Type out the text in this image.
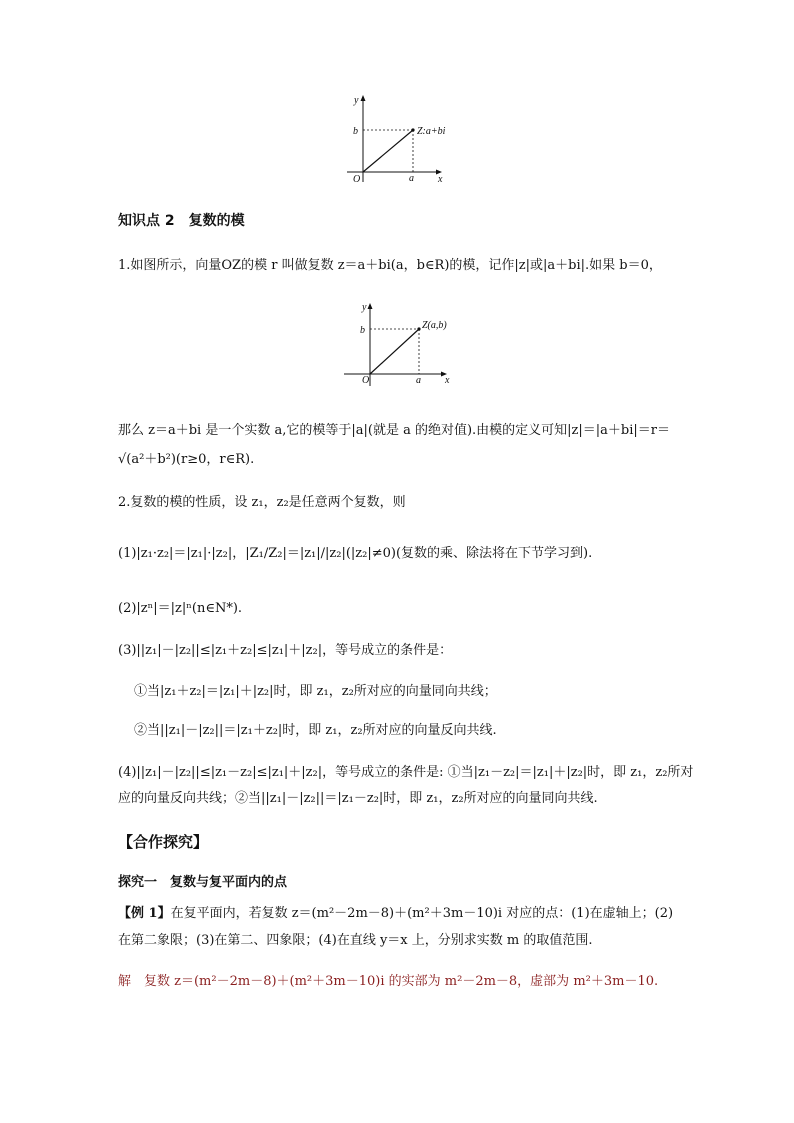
y
x
O	a
b	Z:a+bi
知识点 2　复数的模
1.如图所示，向量OZ的模 r 叫做复数 z＝a＋bi(a，b∈R)的模，记作|z|或|a＋bi|.如果 b＝0，
y
x
O	a
b	Z(a,b)
那么 z＝a＋bi 是一个实数 a,它的模等于|a|(就是 a 的绝对值).由模的定义可知|z|＝|a＋bi|＝r＝
√(a²＋b²)(r≥0，r∈R).
2.复数的模的性质，设 z₁，z₂是任意两个复数，则
(1)|z₁·z₂|＝|z₁|·|z₂|，|Z₁/Z₂|＝|z₁|/|z₂|(|z₂|≠0)(复数的乘、除法将在下节学习到).
(2)|zⁿ|＝|z|ⁿ(n∈N*).
(3)||z₁|－|z₂||≤|z₁＋z₂|≤|z₁|＋|z₂|，等号成立的条件是：
①当|z₁＋z₂|＝|z₁|＋|z₂|时，即 z₁，z₂所对应的向量同向共线；
②当||z₁|－|z₂||＝|z₁＋z₂|时，即 z₁，z₂所对应的向量反向共线.
(4)||z₁|－|z₂||≤|z₁－z₂|≤|z₁|＋|z₂|，等号成立的条件是: ①当|z₁－z₂|＝|z₁|＋|z₂|时，即 z₁，z₂所对
应的向量反向共线；②当||z₁|－|z₂||＝|z₁－z₂|时，即 z₁，z₂所对应的向量同向共线.
【合作探究】
探究一　复数与复平面内的点
【例 1】在复平面内，若复数 z＝(m²－2m－8)＋(m²＋3m－10)i 对应的点：(1)在虚轴上；(2)
在第二象限；(3)在第二、四象限；(4)在直线 y＝x 上，分别求实数 m 的取值范围.
解　复数 z＝(m²－2m－8)＋(m²＋3m－10)i 的实部为 m²－2m－8，虚部为 m²＋3m－10.
